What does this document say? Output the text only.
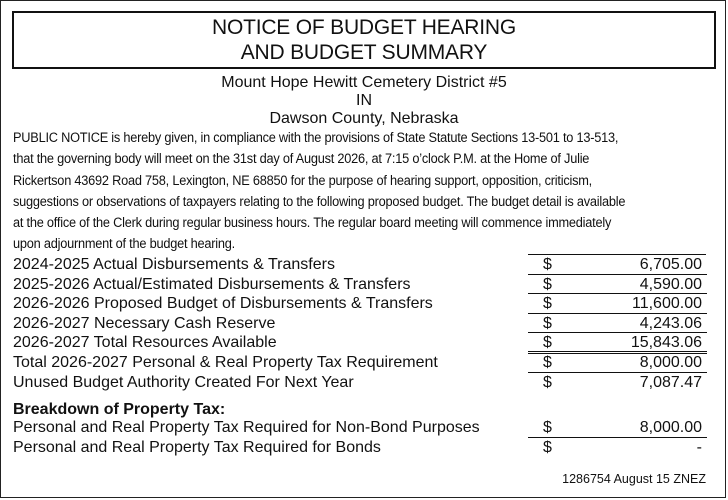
NOTICE OF BUDGET HEARING
AND BUDGET SUMMARY
Mount Hope Hewitt Cemetery District #5
IN
Dawson County, Nebraska
PUBLIC NOTICE is hereby given, in compliance with the provisions of State Statute Sections 13-501 to 13-513,
that the governing body will meet on the 31st day of August 2026, at 7:15 o’clock P.M. at the Home of Julie
Rickertson 43692 Road 758, Lexington, NE 68850 for the purpose of hearing support, opposition, criticism,
suggestions or observations of taxpayers relating to the following proposed budget. The budget detail is available
at the office of the Clerk during regular business hours. The regular board meeting will commence immediately
upon adjournment of the budget hearing.
2024-2025 Actual Disbursements & Transfers	$	6,705.00
2025-2026 Actual/Estimated Disbursements & Transfers	$	4,590.00
2026-2026 Proposed Budget of Disbursements & Transfers	$	11,600.00
2026-2027 Necessary Cash Reserve	$	4,243.06
2026-2027 Total Resources Available	$	15,843.06
Total 2026-2027 Personal & Real Property Tax Requirement	$	8,000.00
Unused Budget Authority Created For Next Year	$	7,087.47
Breakdown of Property Tax:
Personal and Real Property Tax Required for Non-Bond Purposes	$	8,000.00
Personal and Real Property Tax Required for Bonds	$	-
1286754 August 15 ZNEZ
